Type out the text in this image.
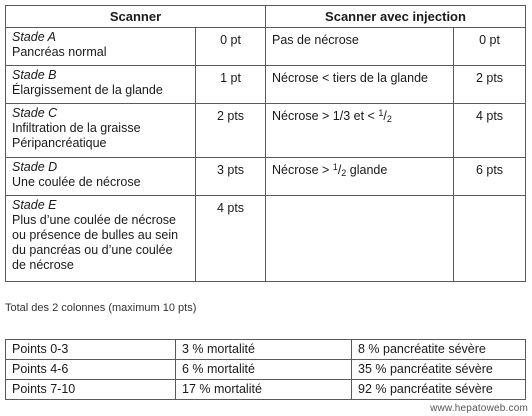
Scanner		Scanner avec injection	

Stade A
Pancréas normal	0 pt	Pas de nécrose	0 pt

Stade B
Élargissement de la glande	1 pt	Nécrose < tiers de la glande	2 pts

Stade C
Infiltration de la graisse Péripancréatique	2 pts	Nécrose > 1/3 et < $^1/_2$	4 pts

Stade D
Une coulée de nécrose	3 pts	Nécrose > $^1/_2$ glande	6 pts

Stade E
Plus d’une coulée de nécrose ou présence de bulles au sein du pancréas ou d’une coulée de nécrose	4 pts		
Total des 2 colonnes (maximum 10 pts)
Points 0-3	3 % mortalité	8 % pancréatite sévère
Points 4-6	6 % mortalité	35 % pancréatite sévère
Points 7-10	17 % mortalité	92 % pancréatite sévère
www.hepatoweb.com
